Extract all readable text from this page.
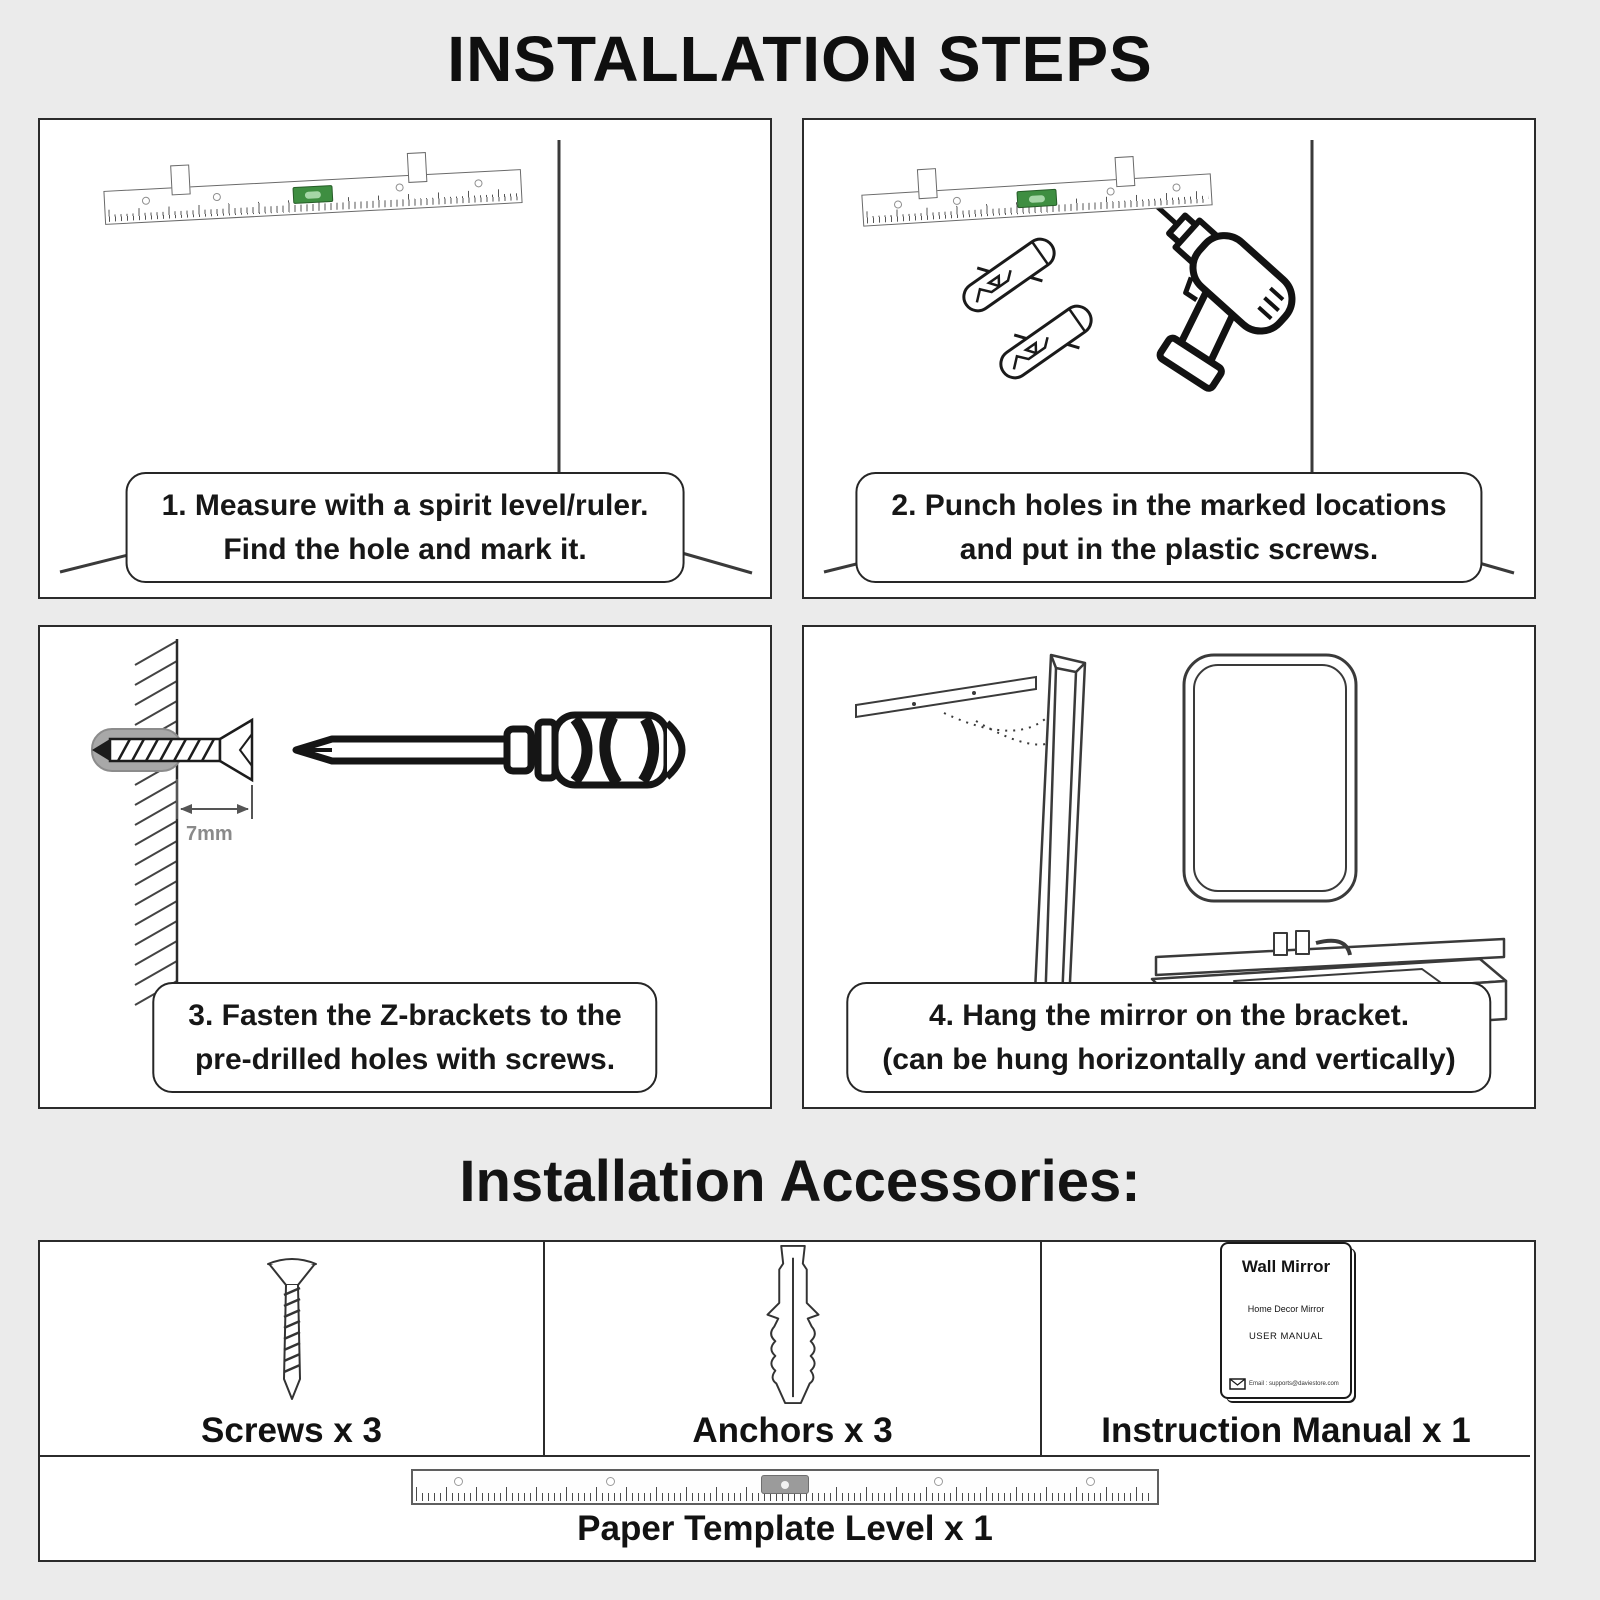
INSTALLATION STEPS
1. Measure with a spirit level/ruler.
Find the hole and mark it.
2. Punch holes in the marked locations
and put in the plastic screws.
7mm
3. Fasten the Z-brackets to the
pre-drilled holes with screws.
4. Hang the mirror on the bracket.
(can be hung horizontally and vertically)
Installation Accessories:
Screws x 3	Anchors x 3
Wall Mirror
Home Decor Mirror
USER MANUAL
Email : supports@daviestore.com
Instruction Manual x 1
Paper Template Level x 1
